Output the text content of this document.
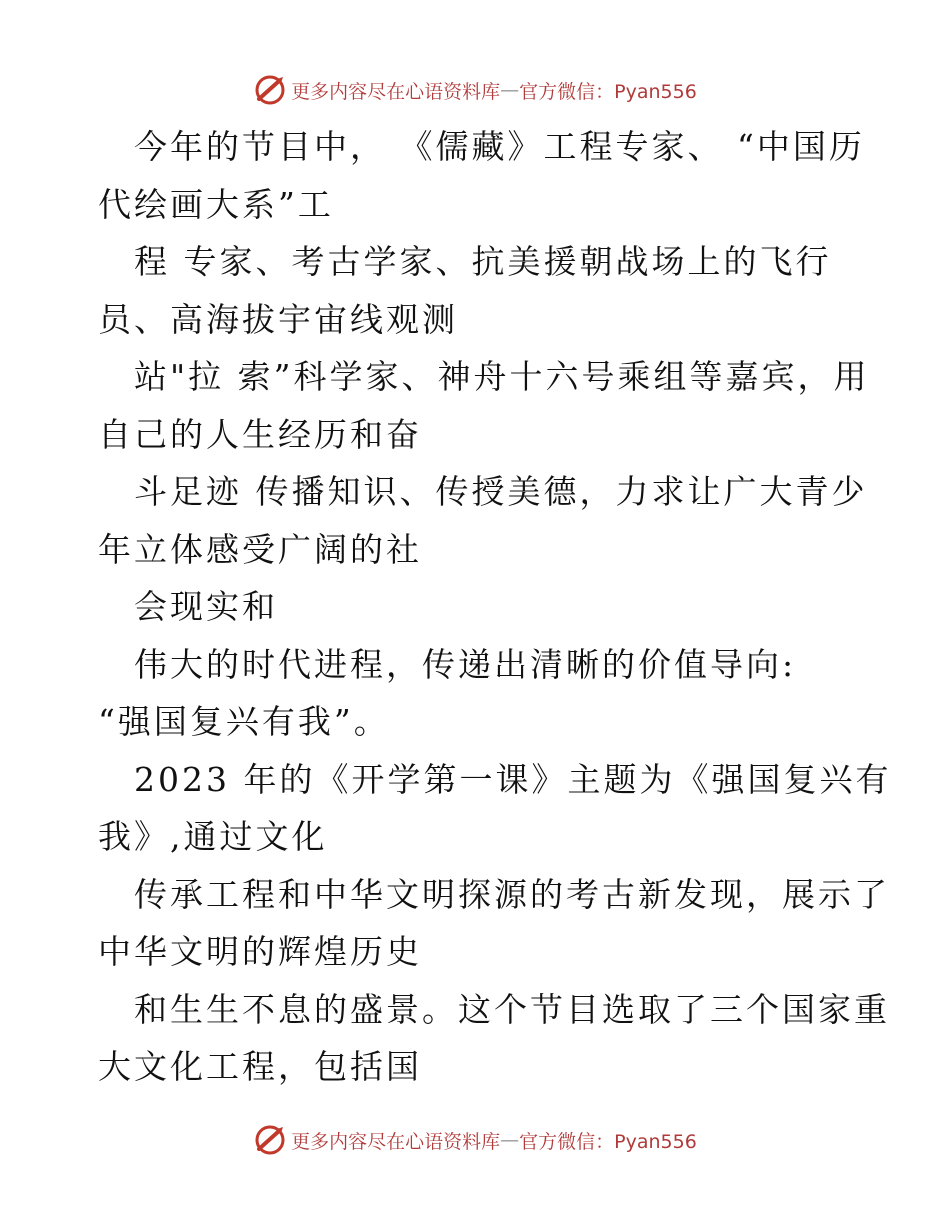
更多内容尽在心语资料库 — 官方微信：Pyan556
今年的节目中， 《儒藏》工程专家、 “中国历
代绘画大系”工
程 专家、考古学家、抗美援朝战场上的飞行
员、高海拔宇宙线观测
站"拉 索”科学家、神舟十六号乘组等嘉宾，用
自己的人生经历和奋
斗足迹 传播知识、传授美德，力求让广大青少
年立体感受广阔的社
会现实和
伟大的时代进程，传递出清晰的价值导向:
“强国复兴有我”。
2023 年的《开学第一课》主题为《强国复兴有
我》,通过文化
传承工程和中华文明探源的考古新发现，展示了
中华文明的辉煌历史
和生生不息的盛景。这个节目选取了三个国家重
大文化工程，包括国
更多内容尽在心语资料库 — 官方微信：Pyan556
